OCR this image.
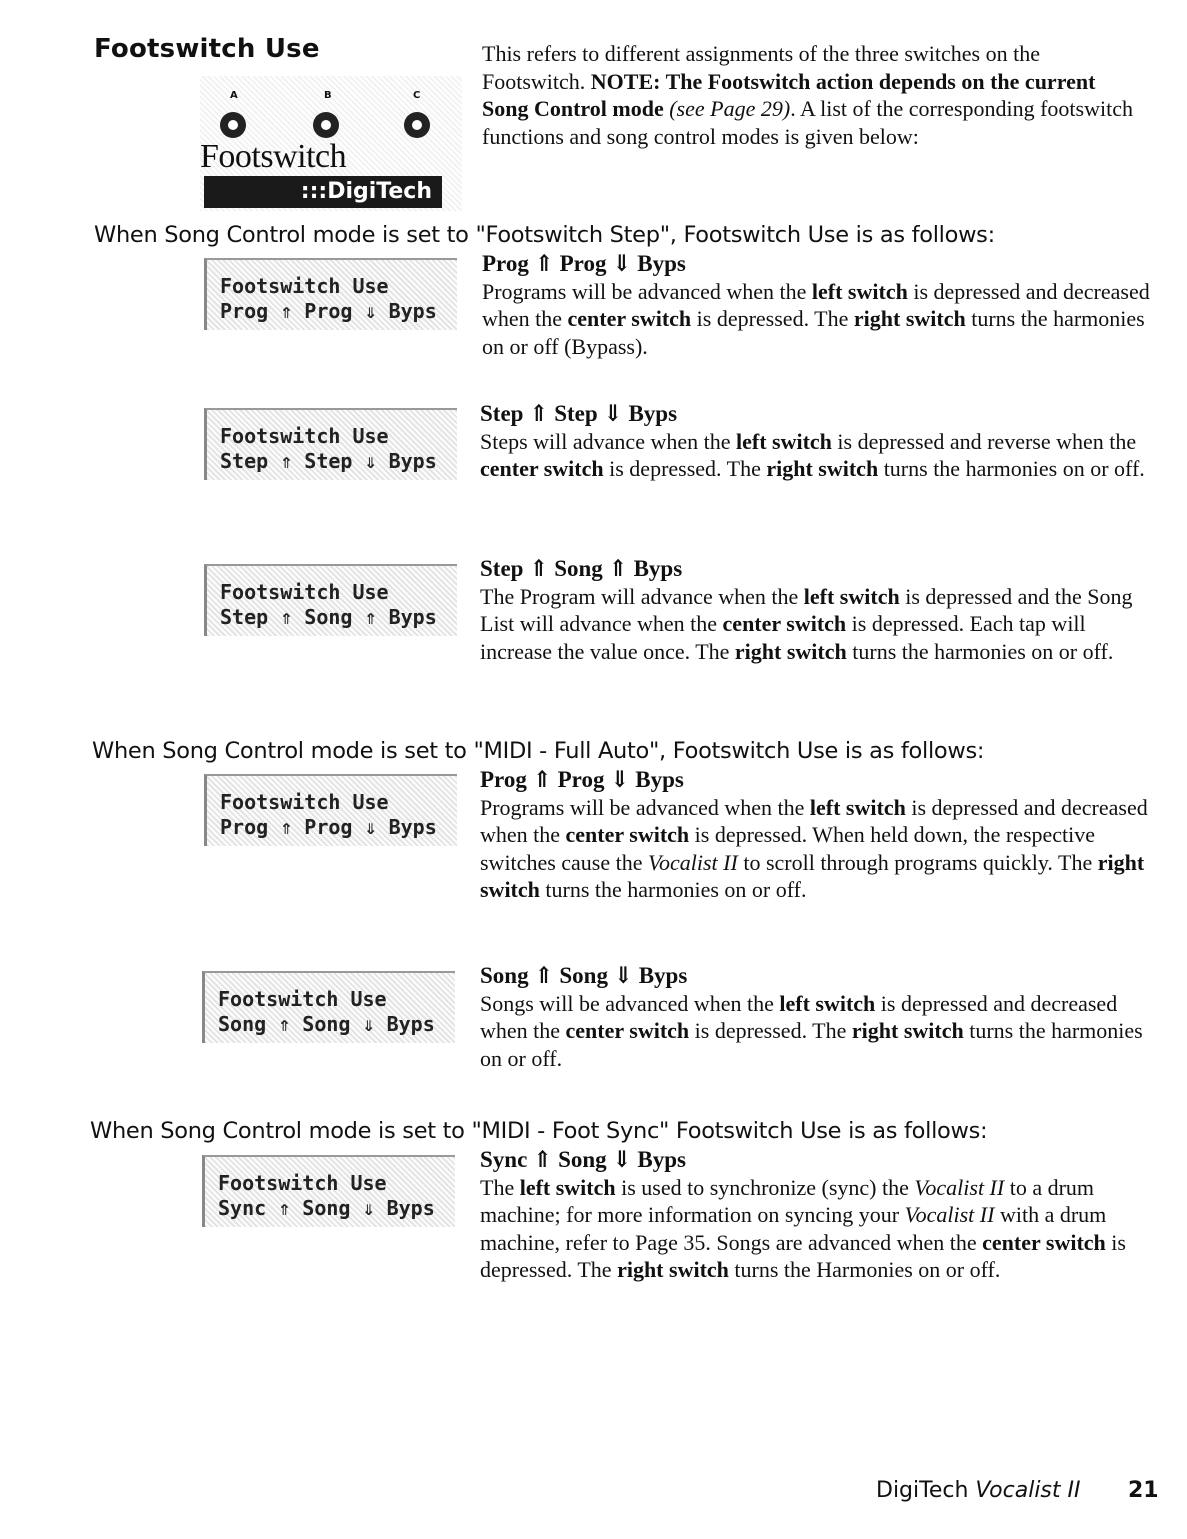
Footswitch Use	This refers to different assignments of the three switches on the Footswitch. NOTE: The Footswitch action depends on the current Song Control mode (see Page 29). A list of the corresponding footswitch functions and song control modes is given below:
A	B	C
Footswitch
:::DigiTech
When Song Control mode is set to "Footswitch Step", Footswitch Use is as follows:
Footswitch Use
Prog ⇑ Prog ⇓ Byps
Prog ⇑ Prog ⇓ Byps

Programs will be advanced when the left switch is depressed and decreased when the center switch is depressed. The right switch turns the harmonies on or off (Bypass).

Footswitch Use
Step ⇑ Step ⇓ Byps
Step ⇑ Step ⇓ Byps

Steps will advance when the left switch is depressed and reverse when the center switch is depressed. The right switch turns the harmonies on or off.

Footswitch Use
Step ⇑ Song ⇑ Byps
Step ⇑ Song ⇑ Byps

The Program will advance when the left switch is depressed and the Song List will advance when the center switch is depressed. Each tap will increase the value once. The right switch turns the harmonies on or off.

When Song Control mode is set to "MIDI - Full Auto", Footswitch Use is as follows:
Footswitch Use
Prog ⇑ Prog ⇓ Byps
Prog ⇑ Prog ⇓ Byps

Programs will be advanced when the left switch is depressed and decreased when the center switch is depressed. When held down, the respective switches cause the Vocalist II to scroll through programs quickly. The right switch turns the harmonies on or off.

Footswitch Use
Song ⇑ Song ⇓ Byps
Song ⇑ Song ⇓ Byps

Songs will be advanced when the left switch is depressed and decreased when the center switch is depressed. The right switch turns the harmonies on or off.

When Song Control mode is set to "MIDI - Foot Sync" Footswitch Use is as follows:
Footswitch Use
Sync ⇑ Song ⇓ Byps
Sync ⇑ Song ⇓ Byps

The left switch is used to synchronize (sync) the Vocalist II to a drum machine; for more information on syncing your Vocalist II with a drum machine, refer to Page 35. Songs are advanced when the center switch is depressed. The right switch turns the Harmonies on or off.

DigiTech Vocalist II 21
